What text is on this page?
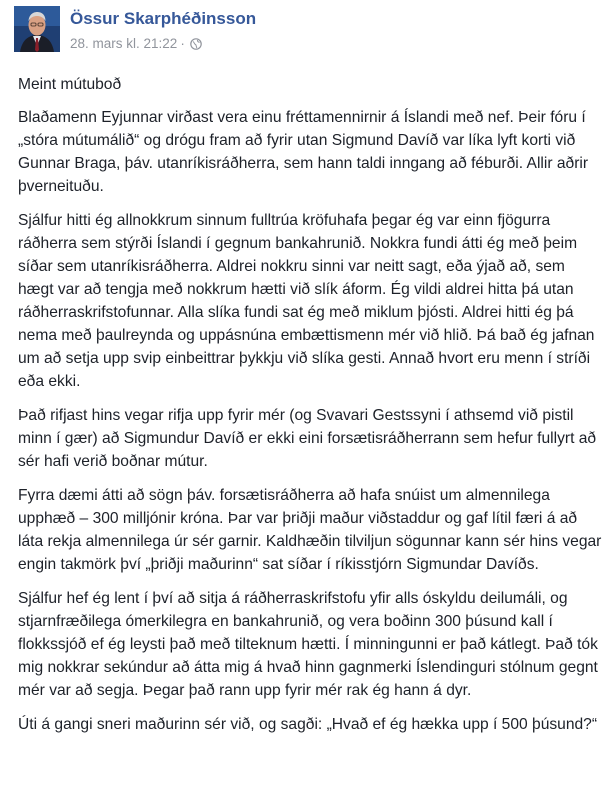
Össur Skarphéðinsson
28. mars kl. 21:22 ·

Meint mútuboð

Blaðamenn Eyjunnar virðast vera einu fréttamennirnir á Íslandi með nef. Þeir fóru í „stóra mútumálið“ og drógu fram að fyrir utan Sigmund Davíð var líka lyft korti við Gunnar Braga, þáv. utanríkisráðherra, sem hann taldi inngang að féburði. Allir aðrir þverneituðu.

Sjálfur hitti ég allnokkrum sinnum fulltrúa kröfuhafa þegar ég var einn fjögurra ráðherra sem stýrði Íslandi í gegnum bankahrunið. Nokkra fundi átti ég með þeim síðar sem utanríkisráðherra. Aldrei nokkru sinni var neitt sagt, eða ýjað að, sem hægt var að tengja með nokkrum hætti við slík áform. Ég vildi aldrei hitta þá utan ráðherraskrifstofunnar. Alla slíka fundi sat ég með miklum þjósti. Aldrei hitti ég þá nema með þaulreynda og uppásnúna embættismenn mér við hlið. Þá bað ég jafnan um að setja upp svip einbeittrar þykkju við slíka gesti. Annað hvort eru menn í stríði eða ekki.

Það rifjast hins vegar rifja upp fyrir mér (og Svavari Gestssyni í athsemd við pistil minn í gær) að Sigmundur Davíð er ekki eini forsætisráðherrann sem hefur fullyrt að sér hafi verið boðnar mútur.

Fyrra dæmi átti að sögn þáv. forsætisráðherra að hafa snúist um almennilega upphæð – 300 milljónir króna. Þar var þriðji maður viðstaddur og gaf lítil færi á að láta rekja almennilega úr sér garnir. Kaldhæðin tilviljun sögunnar kann sér hins vegar engin takmörk því „þriðji maðurinn“ sat síðar í ríkisstjórn Sigmundar Davíðs.

Sjálfur hef ég lent í því að sitja á ráðherraskrifstofu yfir alls óskyldu deilumáli, og stjarnfræðilega ómerkilegra en bankahrunið, og vera boðinn 300 þúsund kall í flokkssjóð ef ég leysti það með tilteknum hætti. Í minningunni er það kátlegt. Það tók mig nokkrar sekúndur að átta mig á hvað hinn gagnmerki Íslendinguri stólnum gegnt mér var að segja. Þegar það rann upp fyrir mér rak ég hann á dyr.

Úti á gangi sneri maðurinn sér við, og sagði: „Hvað ef ég hækka upp í 500 þúsund?“
